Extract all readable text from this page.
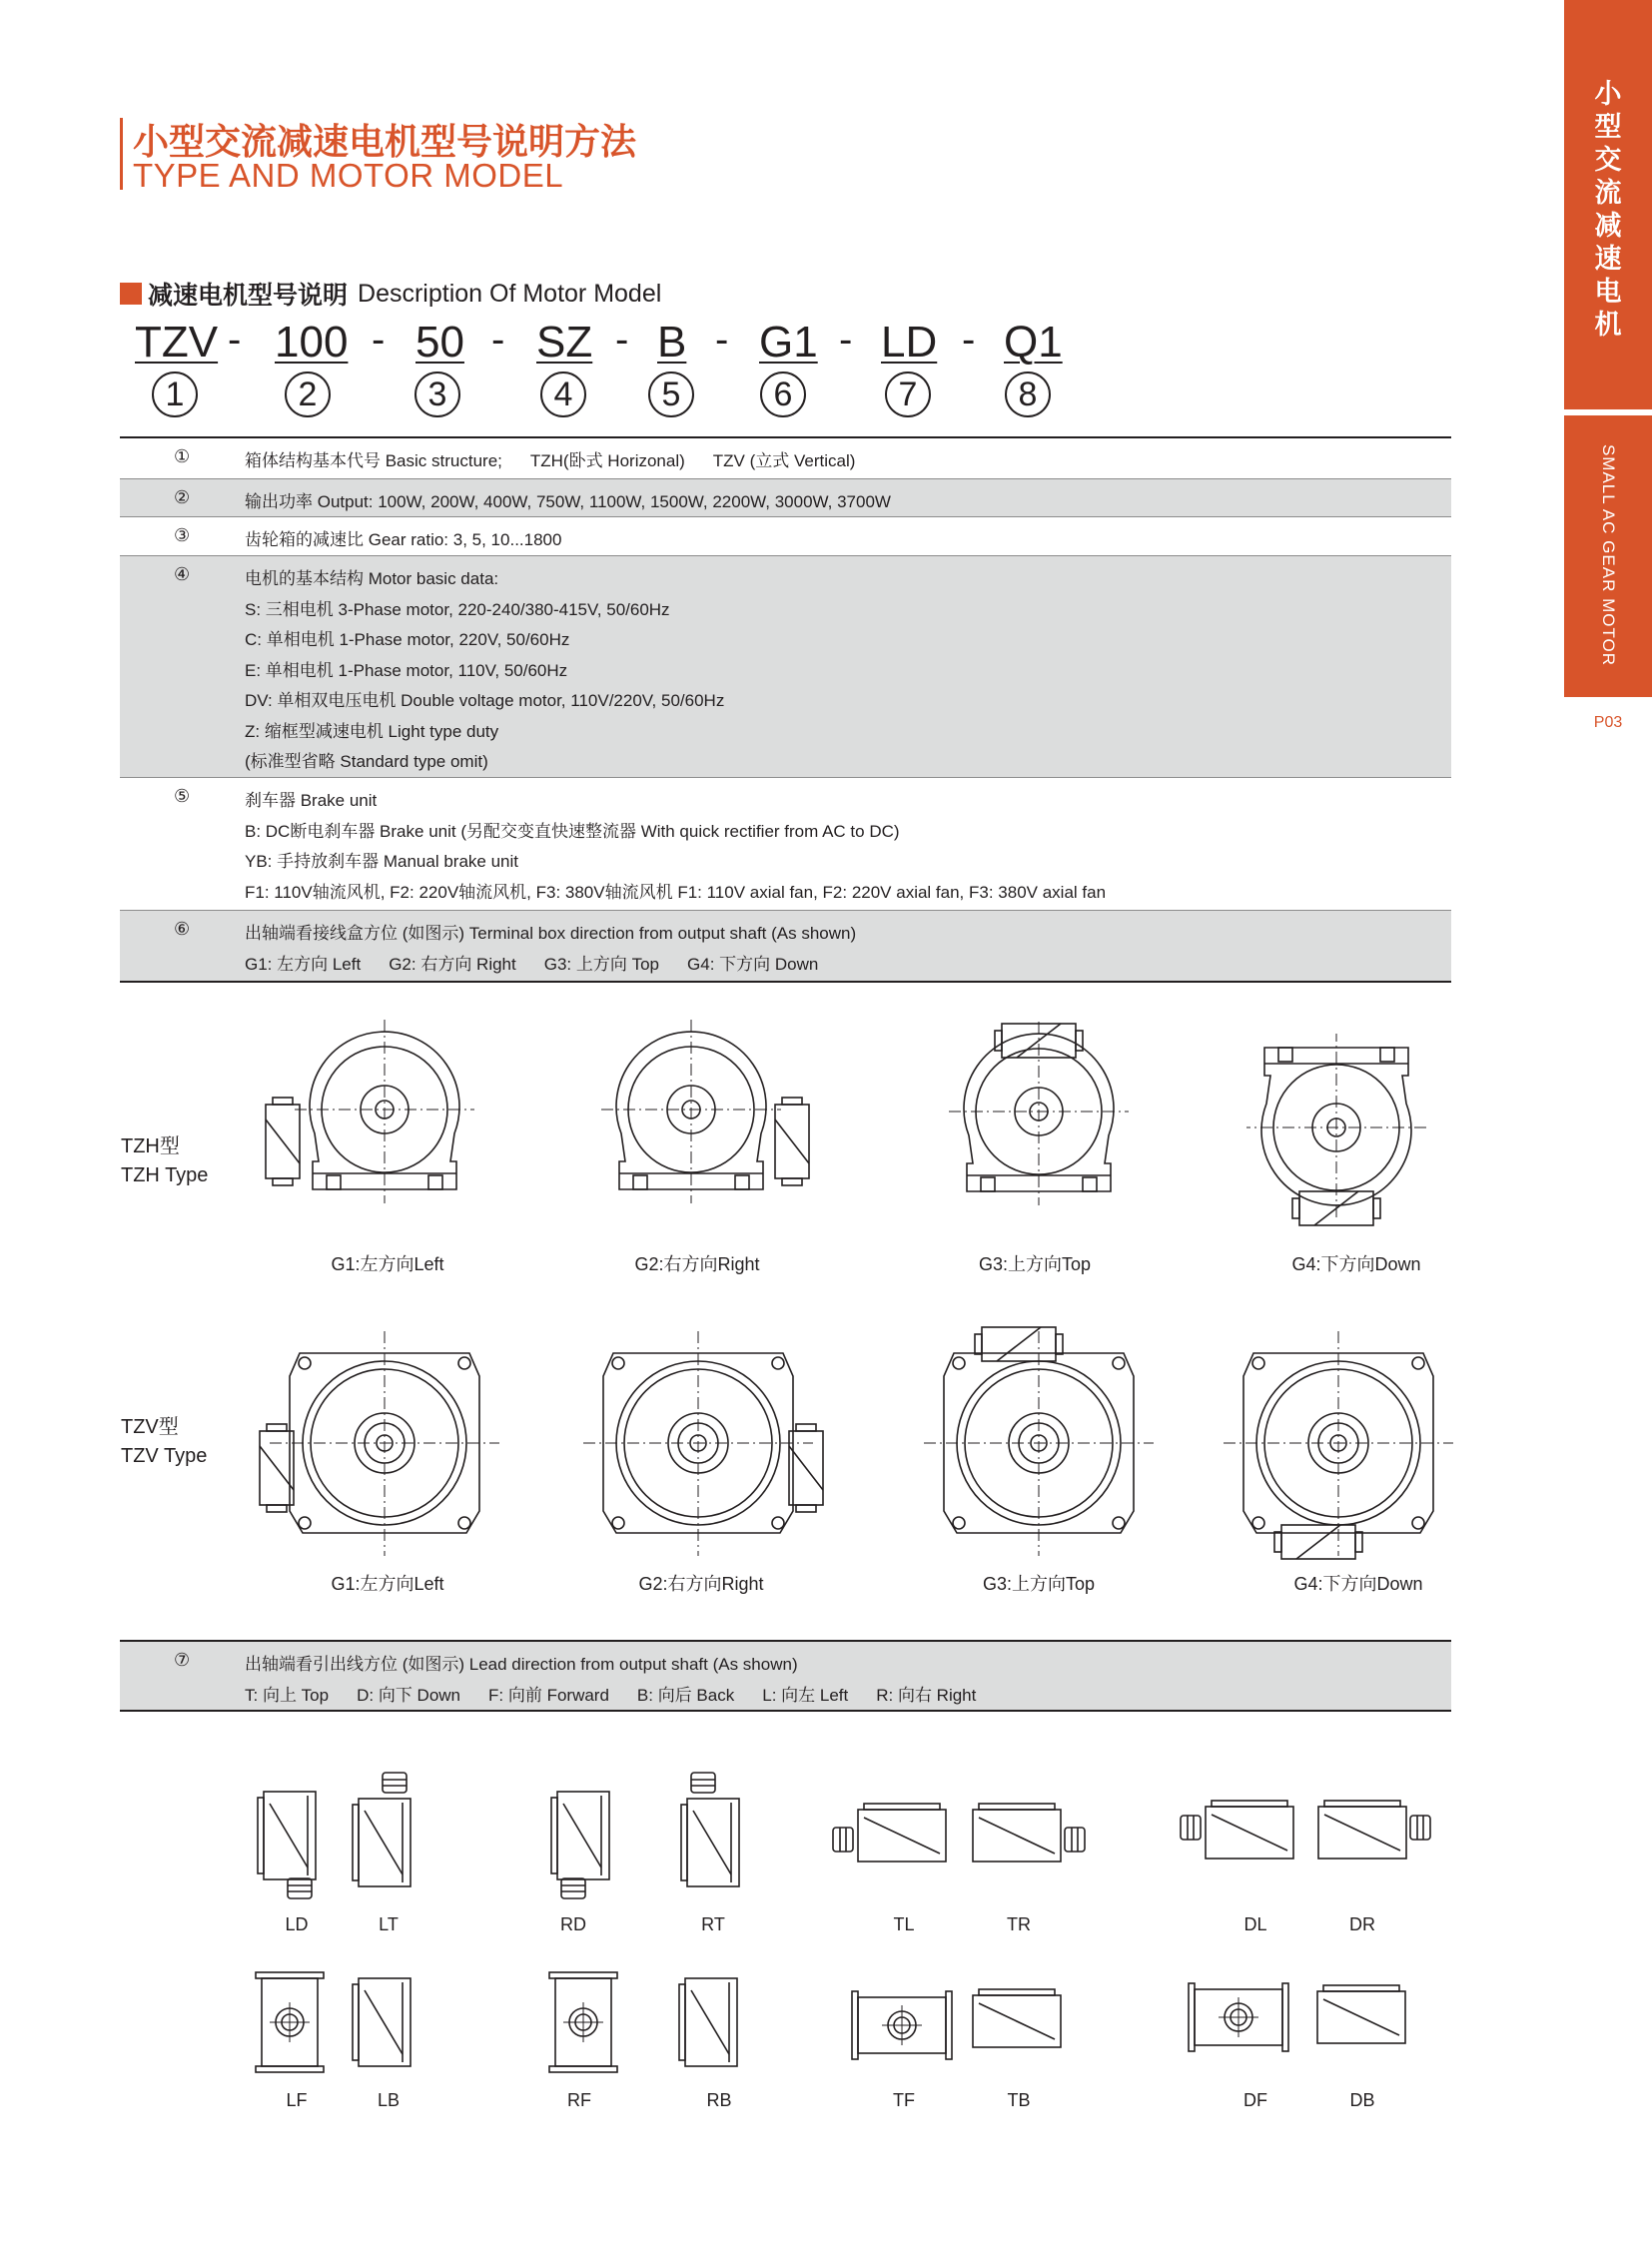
小
型
交
流
减
速
电
机
SMALL AC GEAR MOTOR
P03
小型交流减速电机型号说明方法
TYPE AND MOTOR MODEL
减速电机型号说明 Description Of Motor Model
TZV - 100 - 50 - SZ - B - G1 - LD - Q1
1	2	3	4	5	6	7	8
①	箱体结构基本代号 Basic structure; TZH(卧式 Horizonal) TZV (立式 Vertical)
②	输出功率 Output: 100W, 200W, 400W, 750W, 1100W, 1500W, 2200W, 3000W, 3700W
③	齿轮箱的减速比 Gear ratio: 3, 5, 10...1800
④	电机的基本结构 Motor basic data:
S: 三相电机 3-Phase motor, 220-240/380-415V, 50/60Hz
C: 单相电机 1-Phase motor, 220V, 50/60Hz
E: 单相电机 1-Phase motor, 110V, 50/60Hz
DV: 单相双电压电机 Double voltage motor, 110V/220V, 50/60Hz
Z: 缩框型减速电机 Light type duty
(标准型省略 Standard type omit)
⑤	刹车器 Brake unit
B: DC断电刹车器 Brake unit (另配交变直快速整流器 With quick rectifier from AC to DC)
YB: 手持放刹车器 Manual brake unit
F1: 110V轴流风机, F2: 220V轴流风机, F3: 380V轴流风机 F1: 110V axial fan, F2: 220V axial fan, F3: 380V axial fan
⑥	出轴端看接线盒方位 (如图示) Terminal box direction from output shaft (As shown)
G1: 左方向 Left G2: 右方向 Right G3: 上方向 Top G4: 下方向 Down
TZH型
TZH Type
TZV型
TZV Type
G1:左方向Left	G2:右方向Right	G3:上方向Top	G4:下方向Down
G1:左方向Left	G2:右方向Right	G3:上方向Top	G4:下方向Down
⑦	出轴端看引出线方位 (如图示) Lead direction from output shaft (As shown)
T: 向上 Top D: 向下 Down F: 向前 Forward B: 向后 Back L: 向左 Left R: 向右 Right
LD	LT	RD	RT	TL	TR	DL	DR
LF	LB	RF	RB	TF	TB	DF	DB
